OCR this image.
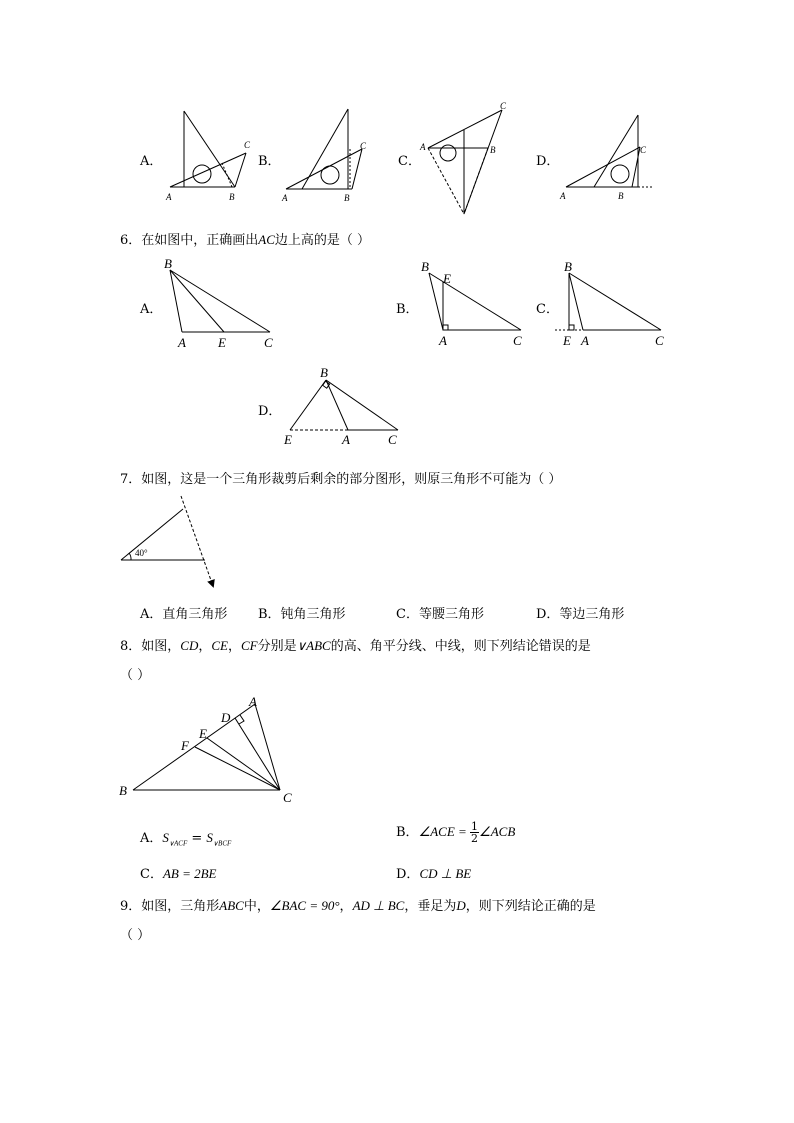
A．
A	B
C
B．
A	B
C
C．
A	B
C
D．
A	B
C
6．在如图中，正确画出AC边上高的是（ ）
A．
B
A E	C
B．
B
E
A	C
C．
B
E A	C
D．
B
E	A	C
7．如图，这是一个三角形裁剪后剩余的部分图形，则原三角形不可能为（ ）
40°
A．直角三角形 B．钝角三角形	C．等腰三角形	D．等边三角形
8．如图，CD，CE，CF分别是∨ABC的高、角平分线、中线，则下列结论错误的是
（ ）
A
B	C
D
E
F
A．$S_{\vee ACF} = S_{\vee BCF}$
B．∠ACE = $\frac{1}{2}$ ∠ACB
C．AB = 2BE	D．CD ⊥ BE
9．如图，三角形ABC中，∠BAC = 90°，AD ⊥ BC，垂足为D，则下列结论正确的是
（ ）
